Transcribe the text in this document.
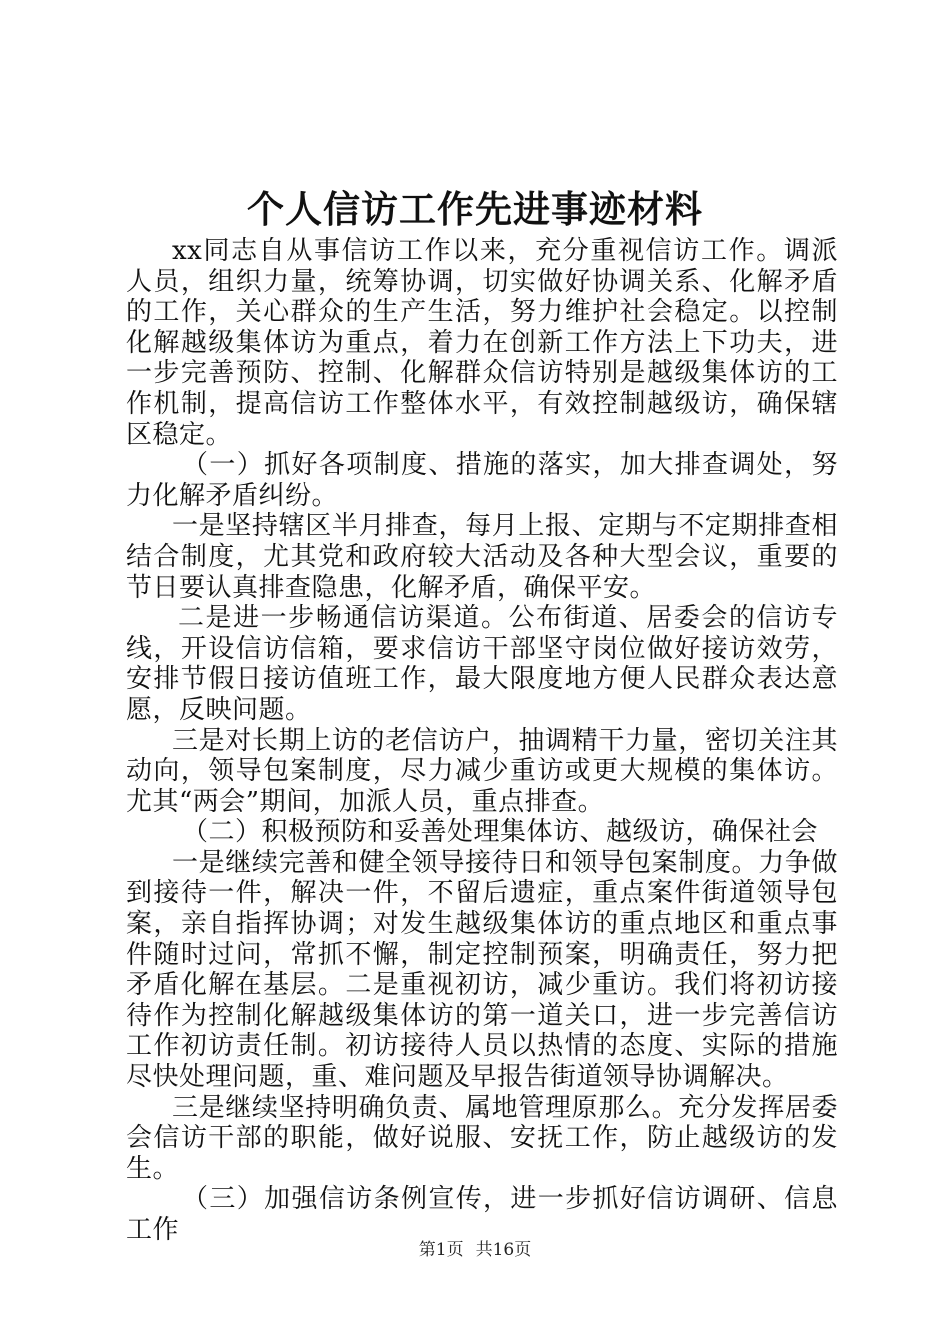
个人信访工作先进事迹材料

xx同志自从事信访工作以来，充分重视信访工作。调派人员，组织力量，统筹协调，切实做好协调关系、化解矛盾的工作，关心群众的生产生活，努力维护社会稳定。以控制化解越级集体访为重点，着力在创新工作方法上下功夫，进一步完善预防、控制、化解群众信访特别是越级集体访的工作机制，提高信访工作整体水平，有效控制越级访，确保辖区稳定。

（一）抓好各项制度、措施的落实，加大排查调处，努力化解矛盾纠纷。

一是坚持辖区半月排查，每月上报、定期与不定期排查相结合制度，尤其党和政府较大活动及各种大型会议，重要的节日要认真排查隐患，化解矛盾，确保平安。

二是进一步畅通信访渠道。公布街道、居委会的信访专线，开设信访信箱，要求信访干部坚守岗位做好接访效劳，安排节假日接访值班工作，最大限度地方便人民群众表达意愿，反映问题。

三是对长期上访的老信访户，抽调精干力量，密切关注其动向，领导包案制度，尽力减少重访或更大规模的集体访。尤其“两会”期间，加派人员，重点排查。

（二）积极预防和妥善处理集体访、越级访，确保社会

一是继续完善和健全领导接待日和领导包案制度。力争做到接待一件，解决一件，不留后遗症，重点案件街道领导包案，亲自指挥协调；对发生越级集体访的重点地区和重点事件随时过问，常抓不懈，制定控制预案，明确责任，努力把矛盾化解在基层。二是重视初访，减少重访。我们将初访接待作为控制化解越级集体访的第一道关口，进一步完善信访工作初访责任制。初访接待人员以热情的态度、实际的措施尽快处理问题，重、难问题及早报告街道领导协调解决。

三是继续坚持明确负责、属地管理原那么。充分发挥居委会信访干部的职能，做好说服、安抚工作，防止越级访的发生。

（三）加强信访条例宣传，进一步抓好信访调研、信息工作

第1页 共16页
